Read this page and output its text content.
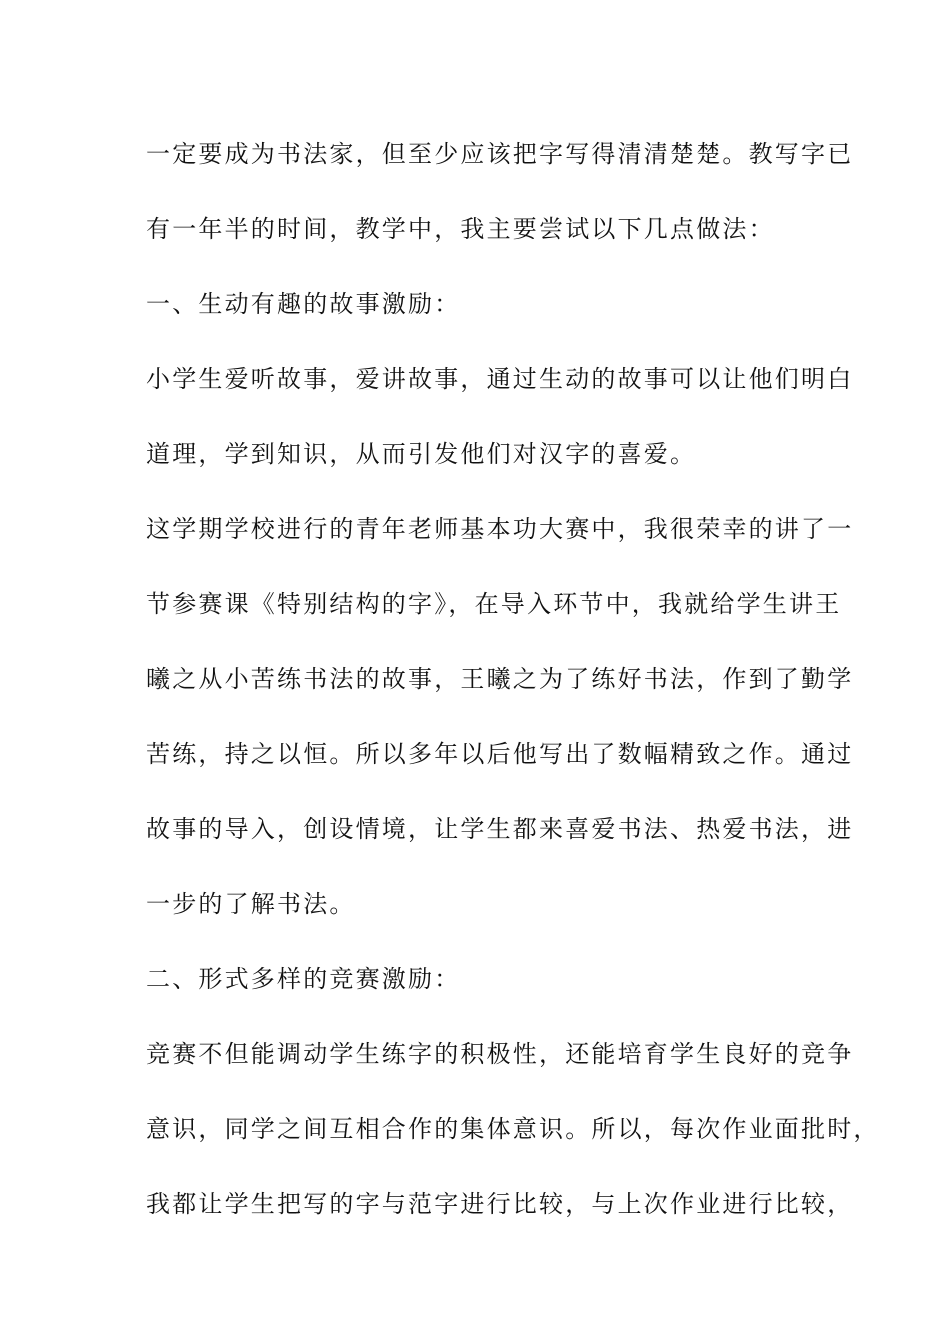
一定要成为书法家，但至少应该把字写得清清楚楚。教写字已
有一年半的时间，教学中，我主要尝试以下几点做法：
一、生动有趣的故事激励：
小学生爱听故事，爱讲故事，通过生动的故事可以让他们明白
道理，学到知识，从而引发他们对汉字的喜爱。
这学期学校进行的青年老师基本功大赛中，我很荣幸的讲了一
节参赛课《特别结构的字》，在导入环节中，我就给学生讲王
曦之从小苦练书法的故事，王曦之为了练好书法，作到了勤学
苦练，持之以恒。所以多年以后他写出了数幅精致之作。通过
故事的导入，创设情境，让学生都来喜爱书法、热爱书法，进
一步的了解书法。
二、形式多样的竞赛激励：
竞赛不但能调动学生练字的积极性，还能培育学生良好的竞争
意识，同学之间互相合作的集体意识。所以，每次作业面批时，
我都让学生把写的字与范字进行比较，与上次作业进行比较，
